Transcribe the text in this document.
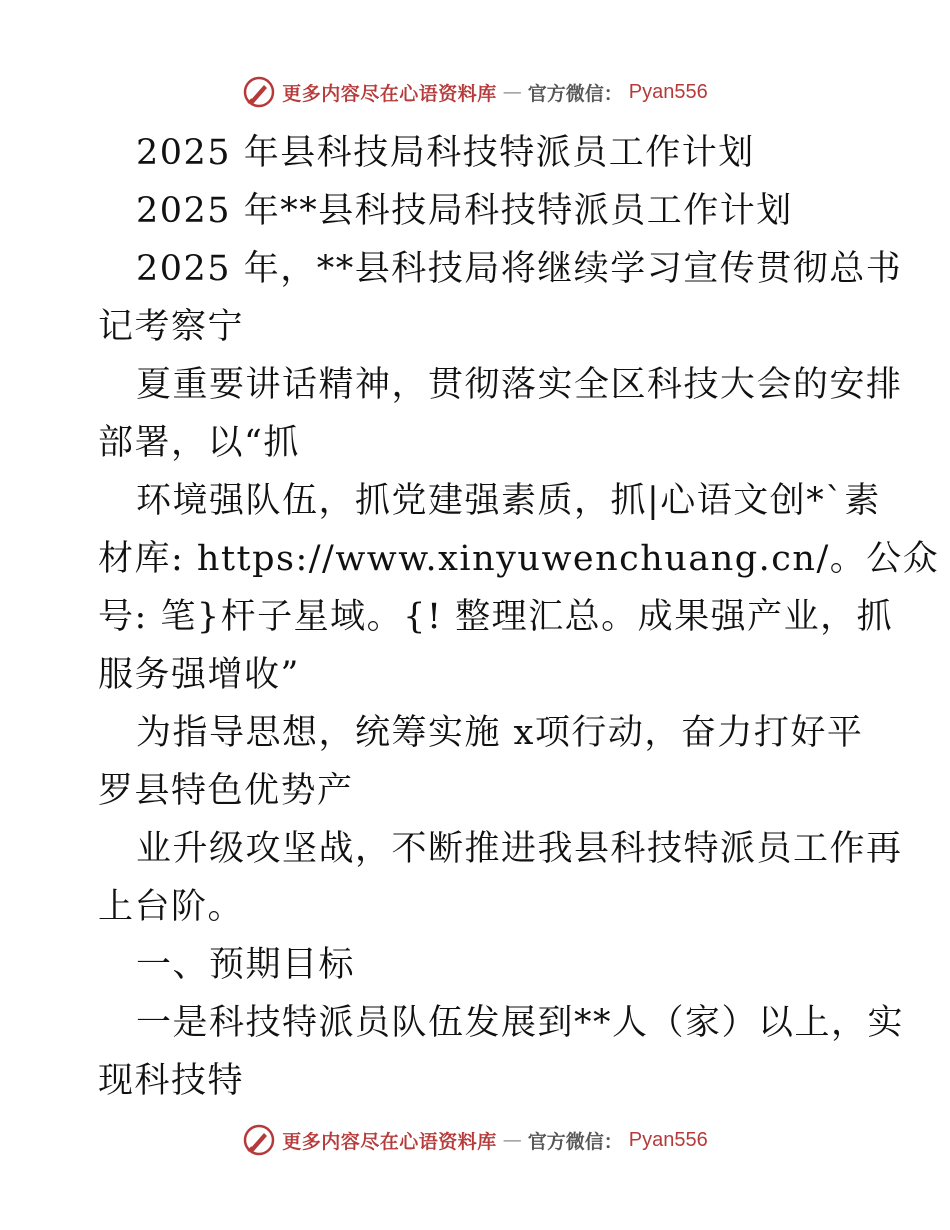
更多内容尽在心语资料库 — 官方微信： Pyan556
2025 年县科技局科技特派员工作计划
2025 年**县科技局科技特派员工作计划
2025 年，**县科技局将继续学习宣传贯彻总书
记考察宁
夏重要讲话精神，贯彻落实全区科技大会的安排
部署，以“抓
环境强队伍，抓党建强素质，抓|心语文创*`素
材库: https://www.xinyuwenchuang.cn/。公众
号: 笔}杆子星域。{! 整理汇总。成果强产业，抓
服务强增收”
为指导思想，统筹实施 x项行动，奋力打好平
罗县特色优势产
业升级攻坚战，不断推进我县科技特派员工作再
上台阶。
一、预期目标
一是科技特派员队伍发展到**人（家）以上，实
现科技特
更多内容尽在心语资料库 — 官方微信： Pyan556
